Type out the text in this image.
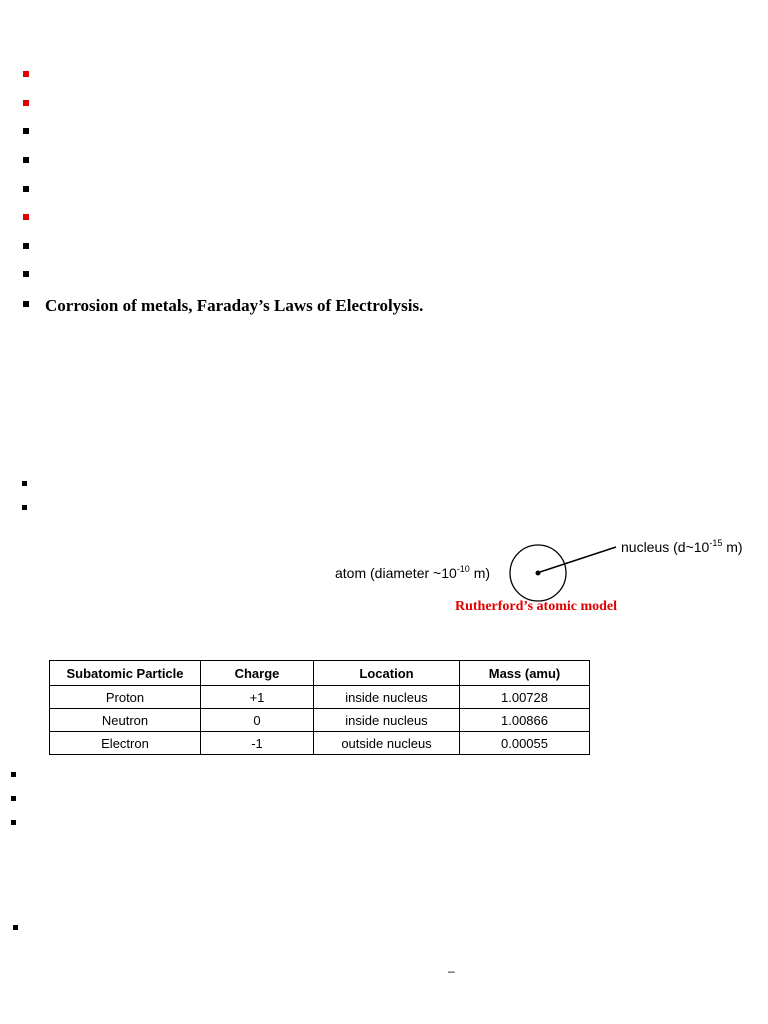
Corrosion of metals, Faraday’s Laws of Electrolysis.
atom (diameter $\sim 10^{-10}$ m)
nucleus ($d\sim 10^{-15}$ m)
Rutherford’s atomic model
Subatomic Particle	Charge	Location	Mass (amu)
Proton	+1	inside nucleus	1.00728
Neutron	0	inside nucleus	1.00866
Electron	-1	outside nucleus	0.00055
–
